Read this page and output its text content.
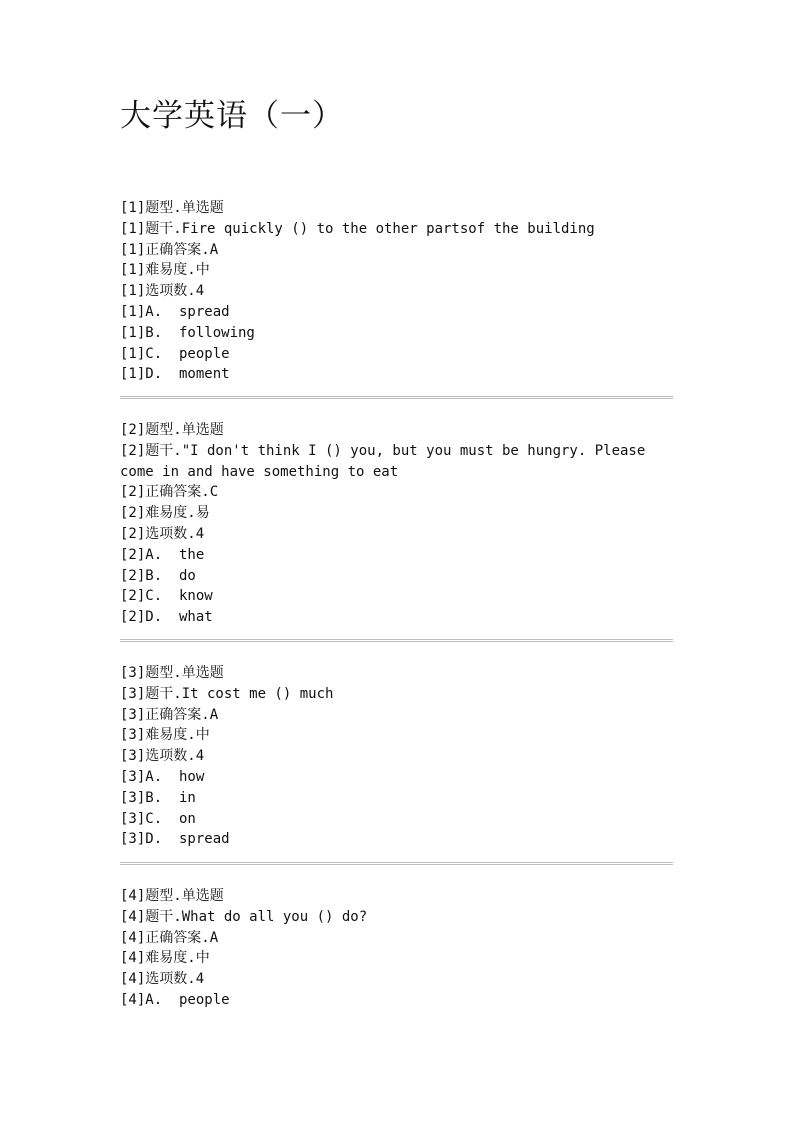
大学英语（一）

[1]题型.单选题

[1]题干.Fire quickly () to the other partsof the building

[1]正确答案.A

[1]难易度.中

[1]选项数.4

[1]A.  spread

[1]B.  following

[1]C.  people

[1]D.  moment

[2]题型.单选题

[2]题干."I don't think I () you, but you must be hungry. Please come in and have something to eat

[2]正确答案.C

[2]难易度.易

[2]选项数.4

[2]A.  the

[2]B.  do

[2]C.  know

[2]D.  what

[3]题型.单选题

[3]题干.It cost me () much

[3]正确答案.A

[3]难易度.中

[3]选项数.4

[3]A.  how

[3]B.  in

[3]C.  on

[3]D.  spread

[4]题型.单选题

[4]题干.What do all you () do?

[4]正确答案.A

[4]难易度.中

[4]选项数.4

[4]A.  people
